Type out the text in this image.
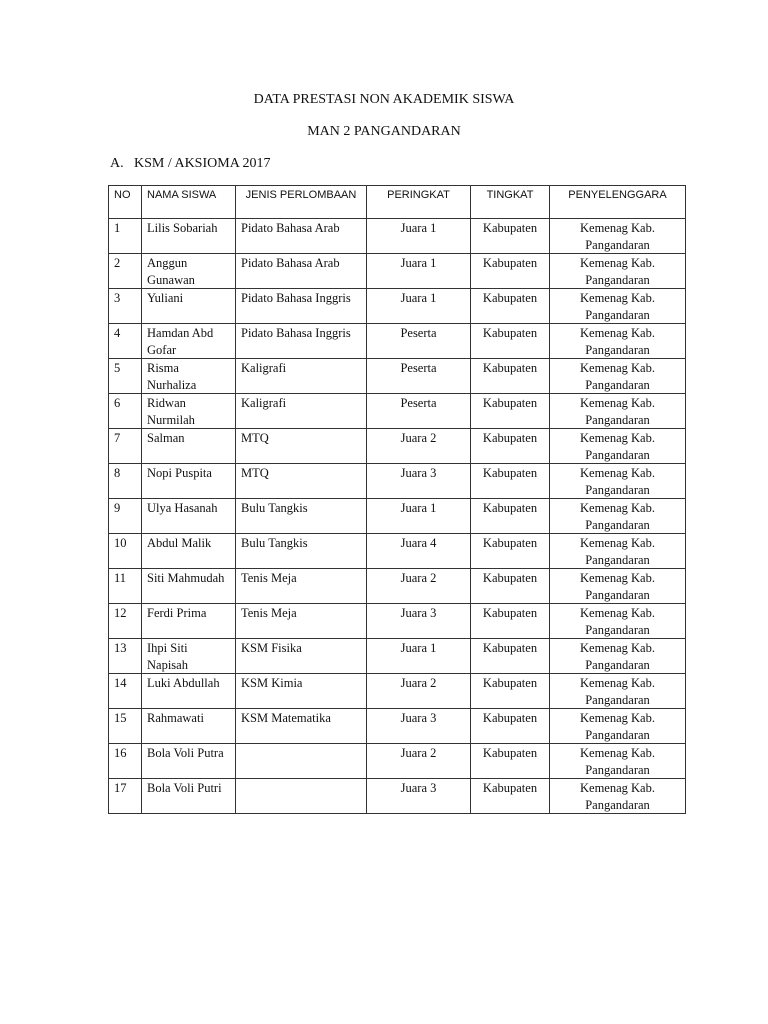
DATA PRESTASI NON AKADEMIK SISWA
MAN 2 PANGANDARAN
A. KSM / AKSIOMA 2017
NO	NAMA SISWA	JENIS PERLOMBAAN	PERINGKAT	TINGKAT	PENYELENGGARA
1	Lilis Sobariah	Pidato Bahasa Arab	Juara 1	Kabupaten	Kemenag Kab. Pangandaran
2	Anggun Gunawan	Pidato Bahasa Arab	Juara 1	Kabupaten	Kemenag Kab. Pangandaran
3	Yuliani	Pidato Bahasa Inggris	Juara 1	Kabupaten	Kemenag Kab. Pangandaran
4	Hamdan Abd Gofar	Pidato Bahasa Inggris	Peserta	Kabupaten	Kemenag Kab. Pangandaran
5	Risma Nurhaliza	Kaligrafi	Peserta	Kabupaten	Kemenag Kab. Pangandaran
6	Ridwan Nurmilah	Kaligrafi	Peserta	Kabupaten	Kemenag Kab. Pangandaran
7	Salman	MTQ	Juara 2	Kabupaten	Kemenag Kab. Pangandaran
8	Nopi Puspita	MTQ	Juara 3	Kabupaten	Kemenag Kab. Pangandaran
9	Ulya Hasanah	Bulu Tangkis	Juara 1	Kabupaten	Kemenag Kab. Pangandaran
10	Abdul Malik	Bulu Tangkis	Juara 4	Kabupaten	Kemenag Kab. Pangandaran
11	Siti Mahmudah	Tenis Meja	Juara 2	Kabupaten	Kemenag Kab. Pangandaran
12	Ferdi Prima	Tenis Meja	Juara 3	Kabupaten	Kemenag Kab. Pangandaran
13	Ihpi Siti Napisah	KSM Fisika	Juara 1	Kabupaten	Kemenag Kab. Pangandaran
14	Luki Abdullah	KSM Kimia	Juara 2	Kabupaten	Kemenag Kab. Pangandaran
15	Rahmawati	KSM Matematika	Juara 3	Kabupaten	Kemenag Kab. Pangandaran
16	Bola Voli Putra		Juara 2	Kabupaten	Kemenag Kab. Pangandaran
17	Bola Voli Putri		Juara 3	Kabupaten	Kemenag Kab. Pangandaran
